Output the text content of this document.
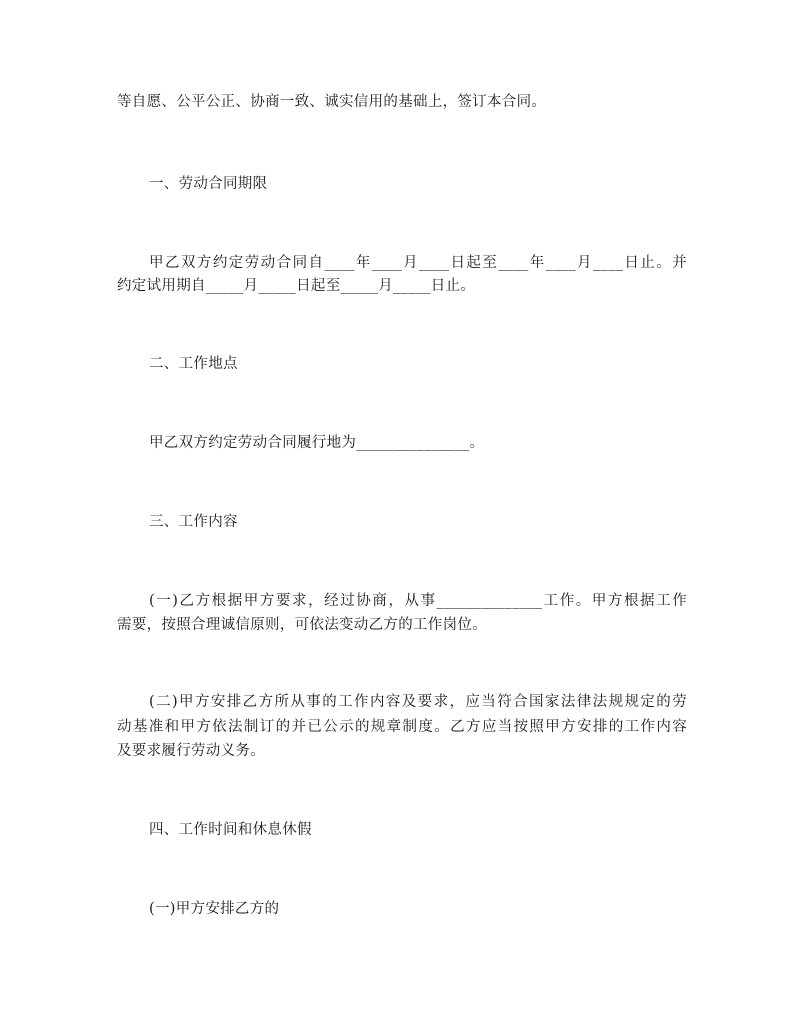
等自愿、公平公正、协商一致、诚实信用的基础上，签订本合同。
一、劳动合同期限
甲乙双方约定劳动合同自____年____月____日起至____年____月____日止。并
约定试用期自_____月_____日起至_____月_____日止。
二、工作地点
甲乙双方约定劳动合同履行地为_______________。
三、工作内容
(一)乙方根据甲方要求，经过协商，从事______________工作。甲方根据工作
需要，按照合理诚信原则，可依法变动乙方的工作岗位。
(二)甲方安排乙方所从事的工作内容及要求，应当符合国家法律法规规定的劳
动基准和甲方依法制订的并已公示的规章制度。乙方应当按照甲方安排的工作内容
及要求履行劳动义务。
四、工作时间和休息休假
(一)甲方安排乙方的
